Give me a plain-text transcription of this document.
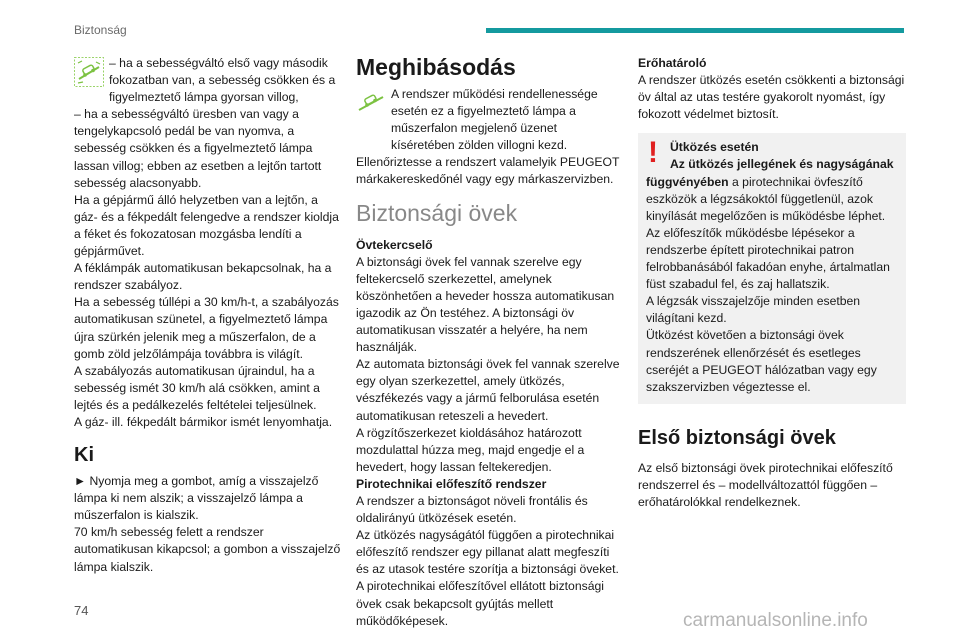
Biztonság

– ha a sebességváltó első vagy második fokozatban van, a sebesség csökken és a figyelmeztető lámpa gyorsan villog,

– ha a sebességváltó üresben van vagy a tengelykapcsoló pedál be van nyomva, a sebesség csökken és a figyelmeztető lámpa lassan villog; ebben az esetben a lejtőn tartott sebesség alacsonyabb.

Ha a gépjármű álló helyzetben van a lejtőn, a gáz- és a fékpedált felengedve a rendszer kioldja a féket és fokozatosan mozgásba lendíti a gépjárművet.

A féklámpák automatikusan bekapcsolnak, ha a rendszer szabályoz.

Ha a sebesség túllépi a 30 km/h-t, a szabályozás automatikusan szünetel, a figyelmeztető lámpa újra szürkén jelenik meg a műszerfalon, de a gomb zöld jelzőlámpája továbbra is világít.

A szabályozás automatikusan újraindul, ha a sebesség ismét 30 km/h alá csökken, amint a lejtés és a pedálkezelés feltételei teljesülnek.

A gáz- ill. fékpedált bármikor ismét lenyomhatja.

Ki

► Nyomja meg a gombot, amíg a visszajelző lámpa ki nem alszik; a visszajelző lámpa a műszerfalon is kialszik.

70 km/h sebesség felett a rendszer automatikusan kikapcsol; a gombon a visszajelző lámpa kialszik.

Meghibásodás

A rendszer működési rendellenessége esetén ez a figyelmeztető lámpa a műszerfalon megjelenő üzenet kíséretében zölden villogni kezd.

Ellenőriztesse a rendszert valamelyik PEUGEOT márkakereskedőnél vagy egy márkaszervizben.

Biztonsági övek

Övtekercselő

A biztonsági övek fel vannak szerelve egy feltekercselő szerkezettel, amelynek köszönhetően a heveder hossza automatikusan igazodik az Ön testéhez. A biztonsági öv automatikusan visszatér a helyére, ha nem használják.

Az automata biztonsági övek fel vannak szerelve egy olyan szerkezettel, amely ütközés, vészfékezés vagy a jármű felborulása esetén automatikusan reteszeli a hevedert.

A rögzítőszerkezet kioldásához határozott mozdulattal húzza meg, majd engedje el a hevedert, hogy lassan feltekeredjen.

Pirotechnikai előfeszítő rendszer

A rendszer a biztonságot növeli frontális és oldalirányú ütközések esetén.

Az ütközés nagyságától függően a pirotechnikai előfeszítő rendszer egy pillanat alatt megfeszíti és az utasok testére szorítja a biztonsági öveket.

A pirotechnikai előfeszítővel ellátott biztonsági övek csak bekapcsolt gyújtás mellett működőképesek.

Erőhatároló

A rendszer ütközés esetén csökkenti a biztonsági öv által az utas testére gyakorolt nyomást, így fokozott védelmet biztosít.

! Ütközés esetén

Az ütközés jellegének és nagyságának függvényében a pirotechnikai övfeszítő eszközök a légzsákoktól függetlenül, azok kinyílását megelőzően is működésbe léphet.

Az előfeszítők működésbe lépésekor a rendszerbe épített pirotechnikai patron felrobbanásából fakadóan enyhe, ártalmatlan füst szabadul fel, és zaj hallatszik.

A légzsák visszajelzője minden esetben világítani kezd.

Ütközést követően a biztonsági övek rendszerének ellenőrzését és esetleges cseréjét a PEUGEOT hálózatban vagy egy szakszervizben végeztesse el.

Első biztonsági övek

Az első biztonsági övek pirotechnikai előfeszítő rendszerrel és – modellváltozattól függően – erőhatárolókkal rendelkeznek.

74	carmanualsonline.info
